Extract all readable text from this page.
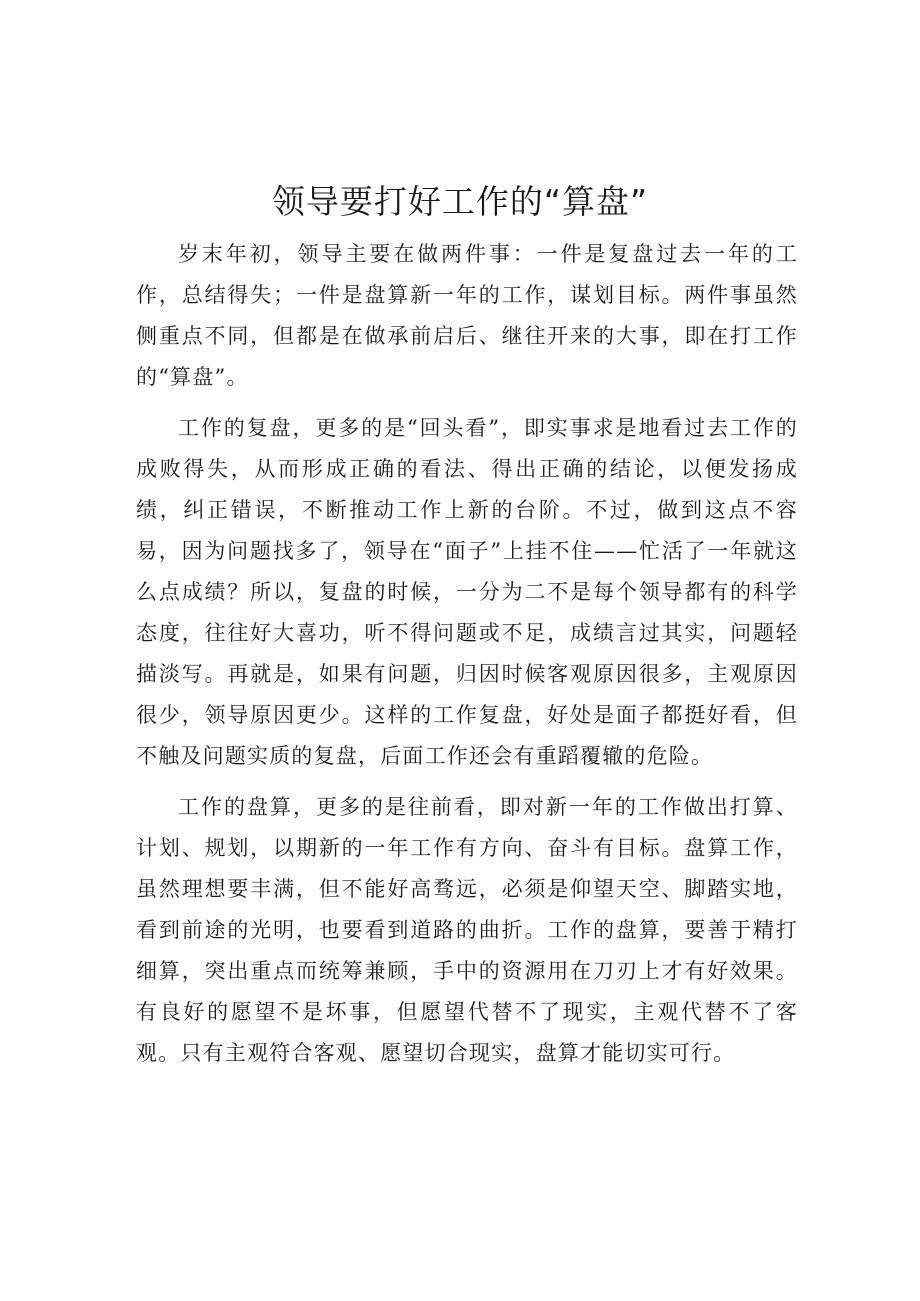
领导要打好工作的“算盘”

岁末年初，领导主要在做两件事：一件是复盘过去一年的工作，总结得失；一件是盘算新一年的工作，谋划目标。两件事虽然侧重点不同，但都是在做承前启后、继往开来的大事，即在打工作的“算盘”。

工作的复盘，更多的是“回头看”，即实事求是地看过去工作的成败得失，从而形成正确的看法、得出正确的结论，以便发扬成绩，纠正错误，不断推动工作上新的台阶。不过，做到这点不容易，因为问题找多了，领导在“面子”上挂不住——忙活了一年就这么点成绩？所以，复盘的时候，一分为二不是每个领导都有的科学态度，往往好大喜功，听不得问题或不足，成绩言过其实，问题轻描淡写。再就是，如果有问题，归因时候客观原因很多，主观原因很少，领导原因更少。这样的工作复盘，好处是面子都挺好看，但不触及问题实质的复盘，后面工作还会有重蹈覆辙的危险。

工作的盘算，更多的是往前看，即对新一年的工作做出打算、计划、规划，以期新的一年工作有方向、奋斗有目标。盘算工作，虽然理想要丰满，但不能好高骛远，必须是仰望天空、脚踏实地，看到前途的光明，也要看到道路的曲折。工作的盘算，要善于精打细算，突出重点而统筹兼顾，手中的资源用在刀刃上才有好效果。有良好的愿望不是坏事，但愿望代替不了现实，主观代替不了客观。只有主观符合客观、愿望切合现实，盘算才能切实可行。
